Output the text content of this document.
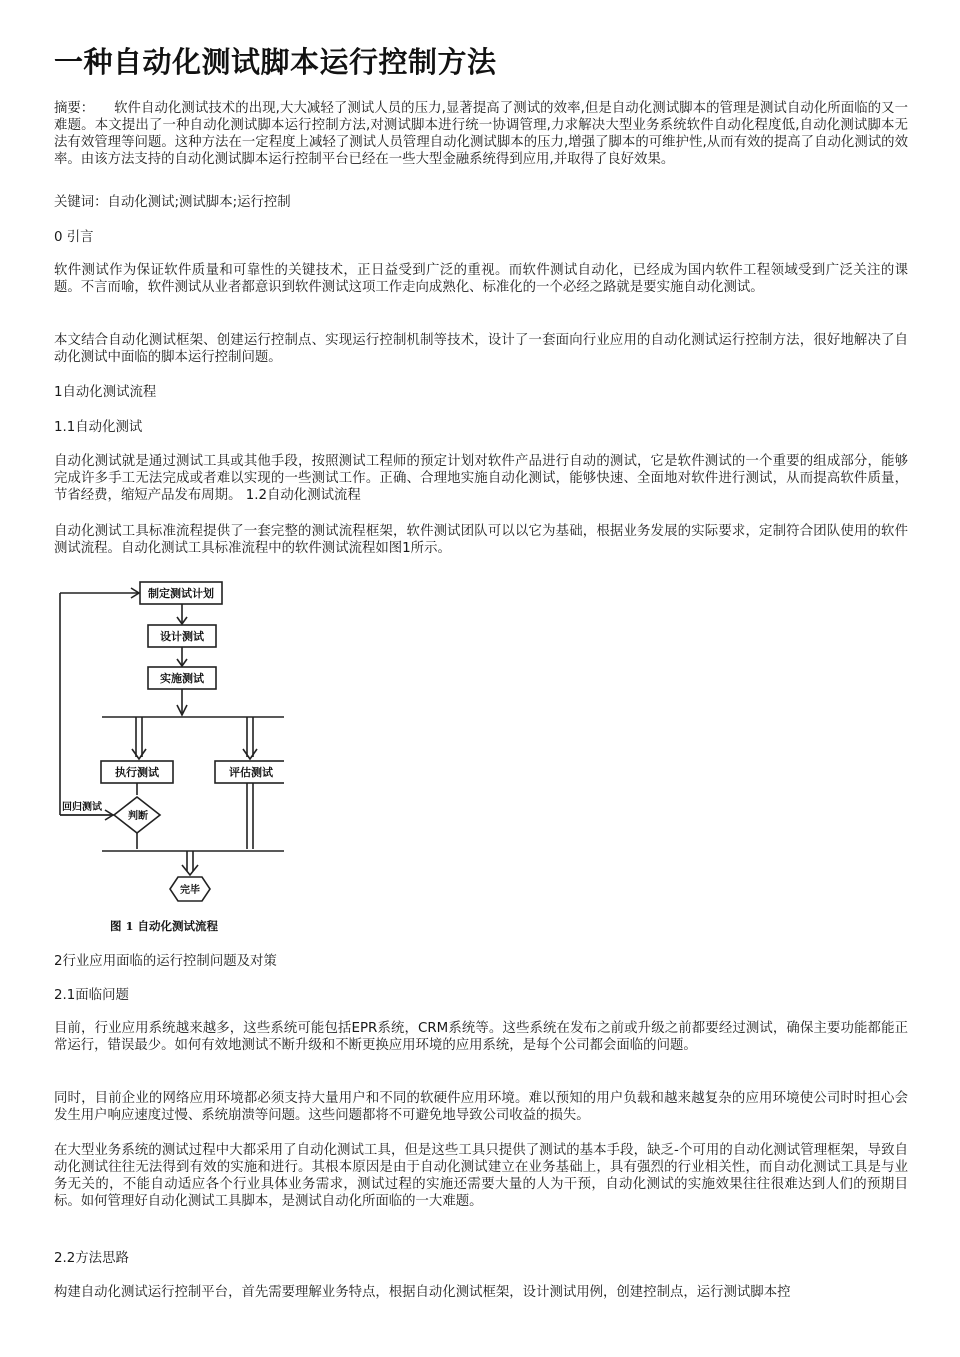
一种自动化测试脚本运行控制方法

摘要： 软件自动化测试技术的出现,大大减轻了测试人员的压力,显著提高了测试的效率,但是自动化测试脚本的管理是测试自动化所面临的又一难题。本文提出了一种自动化测试脚本运行控制方法,对测试脚本进行统一协调管理,力求解决大型业务系统软件自动化程度低,自动化测试脚本无法有效管理等问题。这种方法在一定程度上减轻了测试人员管理自动化测试脚本的压力,增强了脚本的可维护性,从而有效的提高了自动化测试的效率。由该方法支持的自动化测试脚本运行控制平台已经在一些大型金融系统得到应用,并取得了良好效果。

关键词：自动化测试;测试脚本;运行控制

0 引言

软件测试作为保证软件质量和可靠性的关键技术，正日益受到广泛的重视。而软件测试自动化，已经成为国内软件工程领域受到广泛关注的课题。不言而喻，软件测试从业者都意识到软件测试这项工作走向成熟化、标准化的一个必经之路就是要实施自动化测试。

本文结合自动化测试框架、创建运行控制点、实现运行控制机制等技术，设计了一套面向行业应用的自动化测试运行控制方法，很好地解决了自动化测试中面临的脚本运行控制问题。

1自动化测试流程

1.1自动化测试

自动化测试就是通过测试工具或其他手段，按照测试工程师的预定计划对软件产品进行自动的测试，它是软件测试的一个重要的组成部分，能够完成许多手工无法完成或者难以实现的一些测试工作。正确、合理地实施自动化测试，能够快速、全面地对软件进行测试，从而提高软件质量，节省经费，缩短产品发布周期。 1.2自动化测试流程

自动化测试工具标准流程提供了一套完整的测试流程框架，软件测试团队可以以它为基础，根据业务发展的实际要求，定制符合团队使用的软件测试流程。自动化测试工具标准流程中的软件测试流程如图1所示。

制定测试计划
设计测试
实施测试
执行测试	评估测试
判断
回归测试
完毕
图 1 自动化测试流程

2行业应用面临的运行控制问题及对策

2.1面临问题

目前，行业应用系统越来越多，这些系统可能包括EPR系统，CRM系统等。这些系统在发布之前或升级之前都要经过测试，确保主要功能都能正常运行，错误最少。如何有效地测试不断升级和不断更换应用环境的应用系统，是每个公司都会面临的问题。

同时，目前企业的网络应用环境都必须支持大量用户和不同的软硬件应用环境。难以预知的用户负载和越来越复杂的应用环境使公司时时担心会发生用户响应速度过慢、系统崩溃等问题。这些问题都将不可避免地导致公司收益的损失。

在大型业务系统的测试过程中大都采用了自动化测试工具，但是这些工具只提供了测试的基本手段，缺乏-个可用的自动化测试管理框架，导致自动化测试往往无法得到有效的实施和进行。其根本原因是由于自动化测试建立在业务基础上，具有强烈的行业相关性，而自动化测试工具是与业务无关的，不能自动适应各个行业具体业务需求，测试过程的实施还需要大量的人为干预，自动化测试的实施效果往往很难达到人们的预期目标。如何管理好自动化测试工具脚本，是测试自动化所面临的一大难题。

2.2方法思路

构建自动化测试运行控制平台，首先需要理解业务特点，根据自动化测试框架，设计测试用例，创建控制点，运行测试脚本控
